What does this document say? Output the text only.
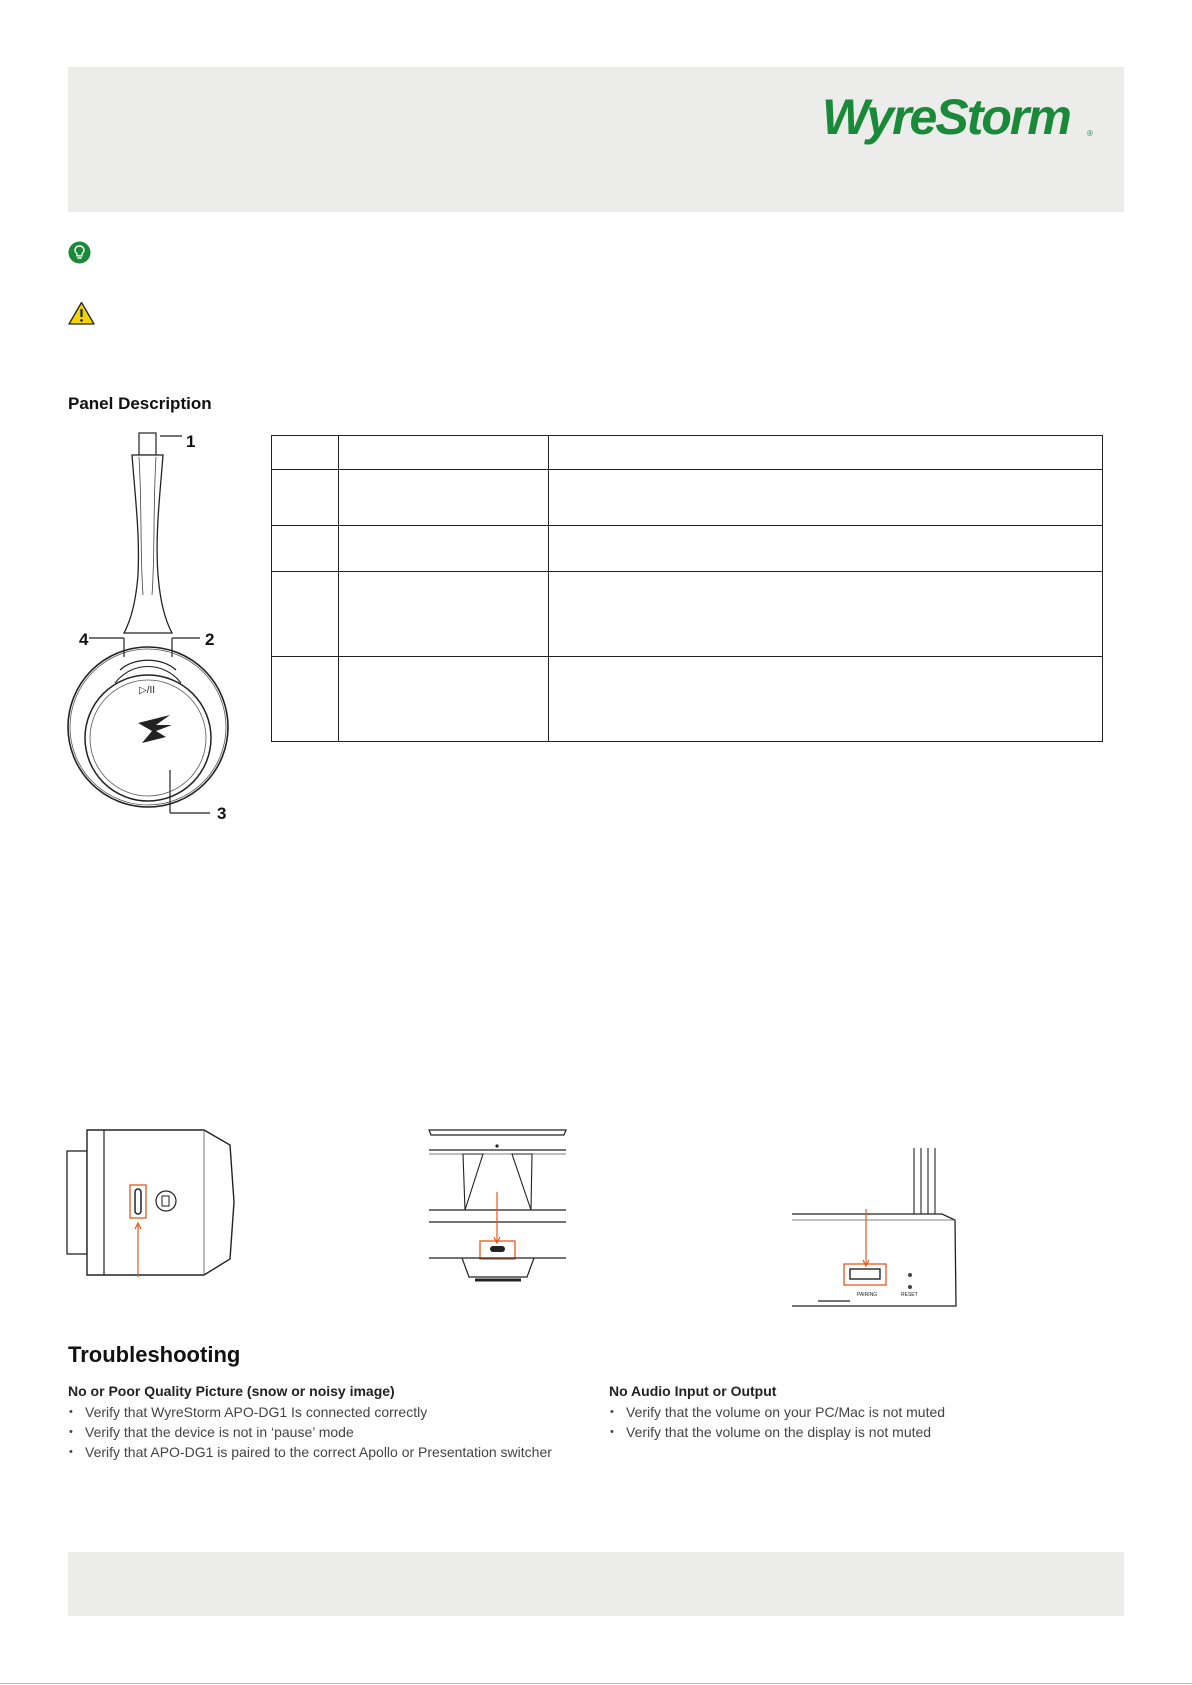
WyreStorm ®
Panel Description
▷/II
1
2
3
4

PAIRING	RESET
Troubleshooting
No or Poor Quality Picture (snow or noisy image)
• Verify that WyreStorm APO-DG1 Is connected correctly
• Verify that the device is not in ‘pause’ mode
• Verify that APO-DG1 is paired to the correct Apollo or Presentation switcher
No Audio Input or Output
• Verify that the volume on your PC/Mac is not muted
• Verify that the volume on the display is not muted
